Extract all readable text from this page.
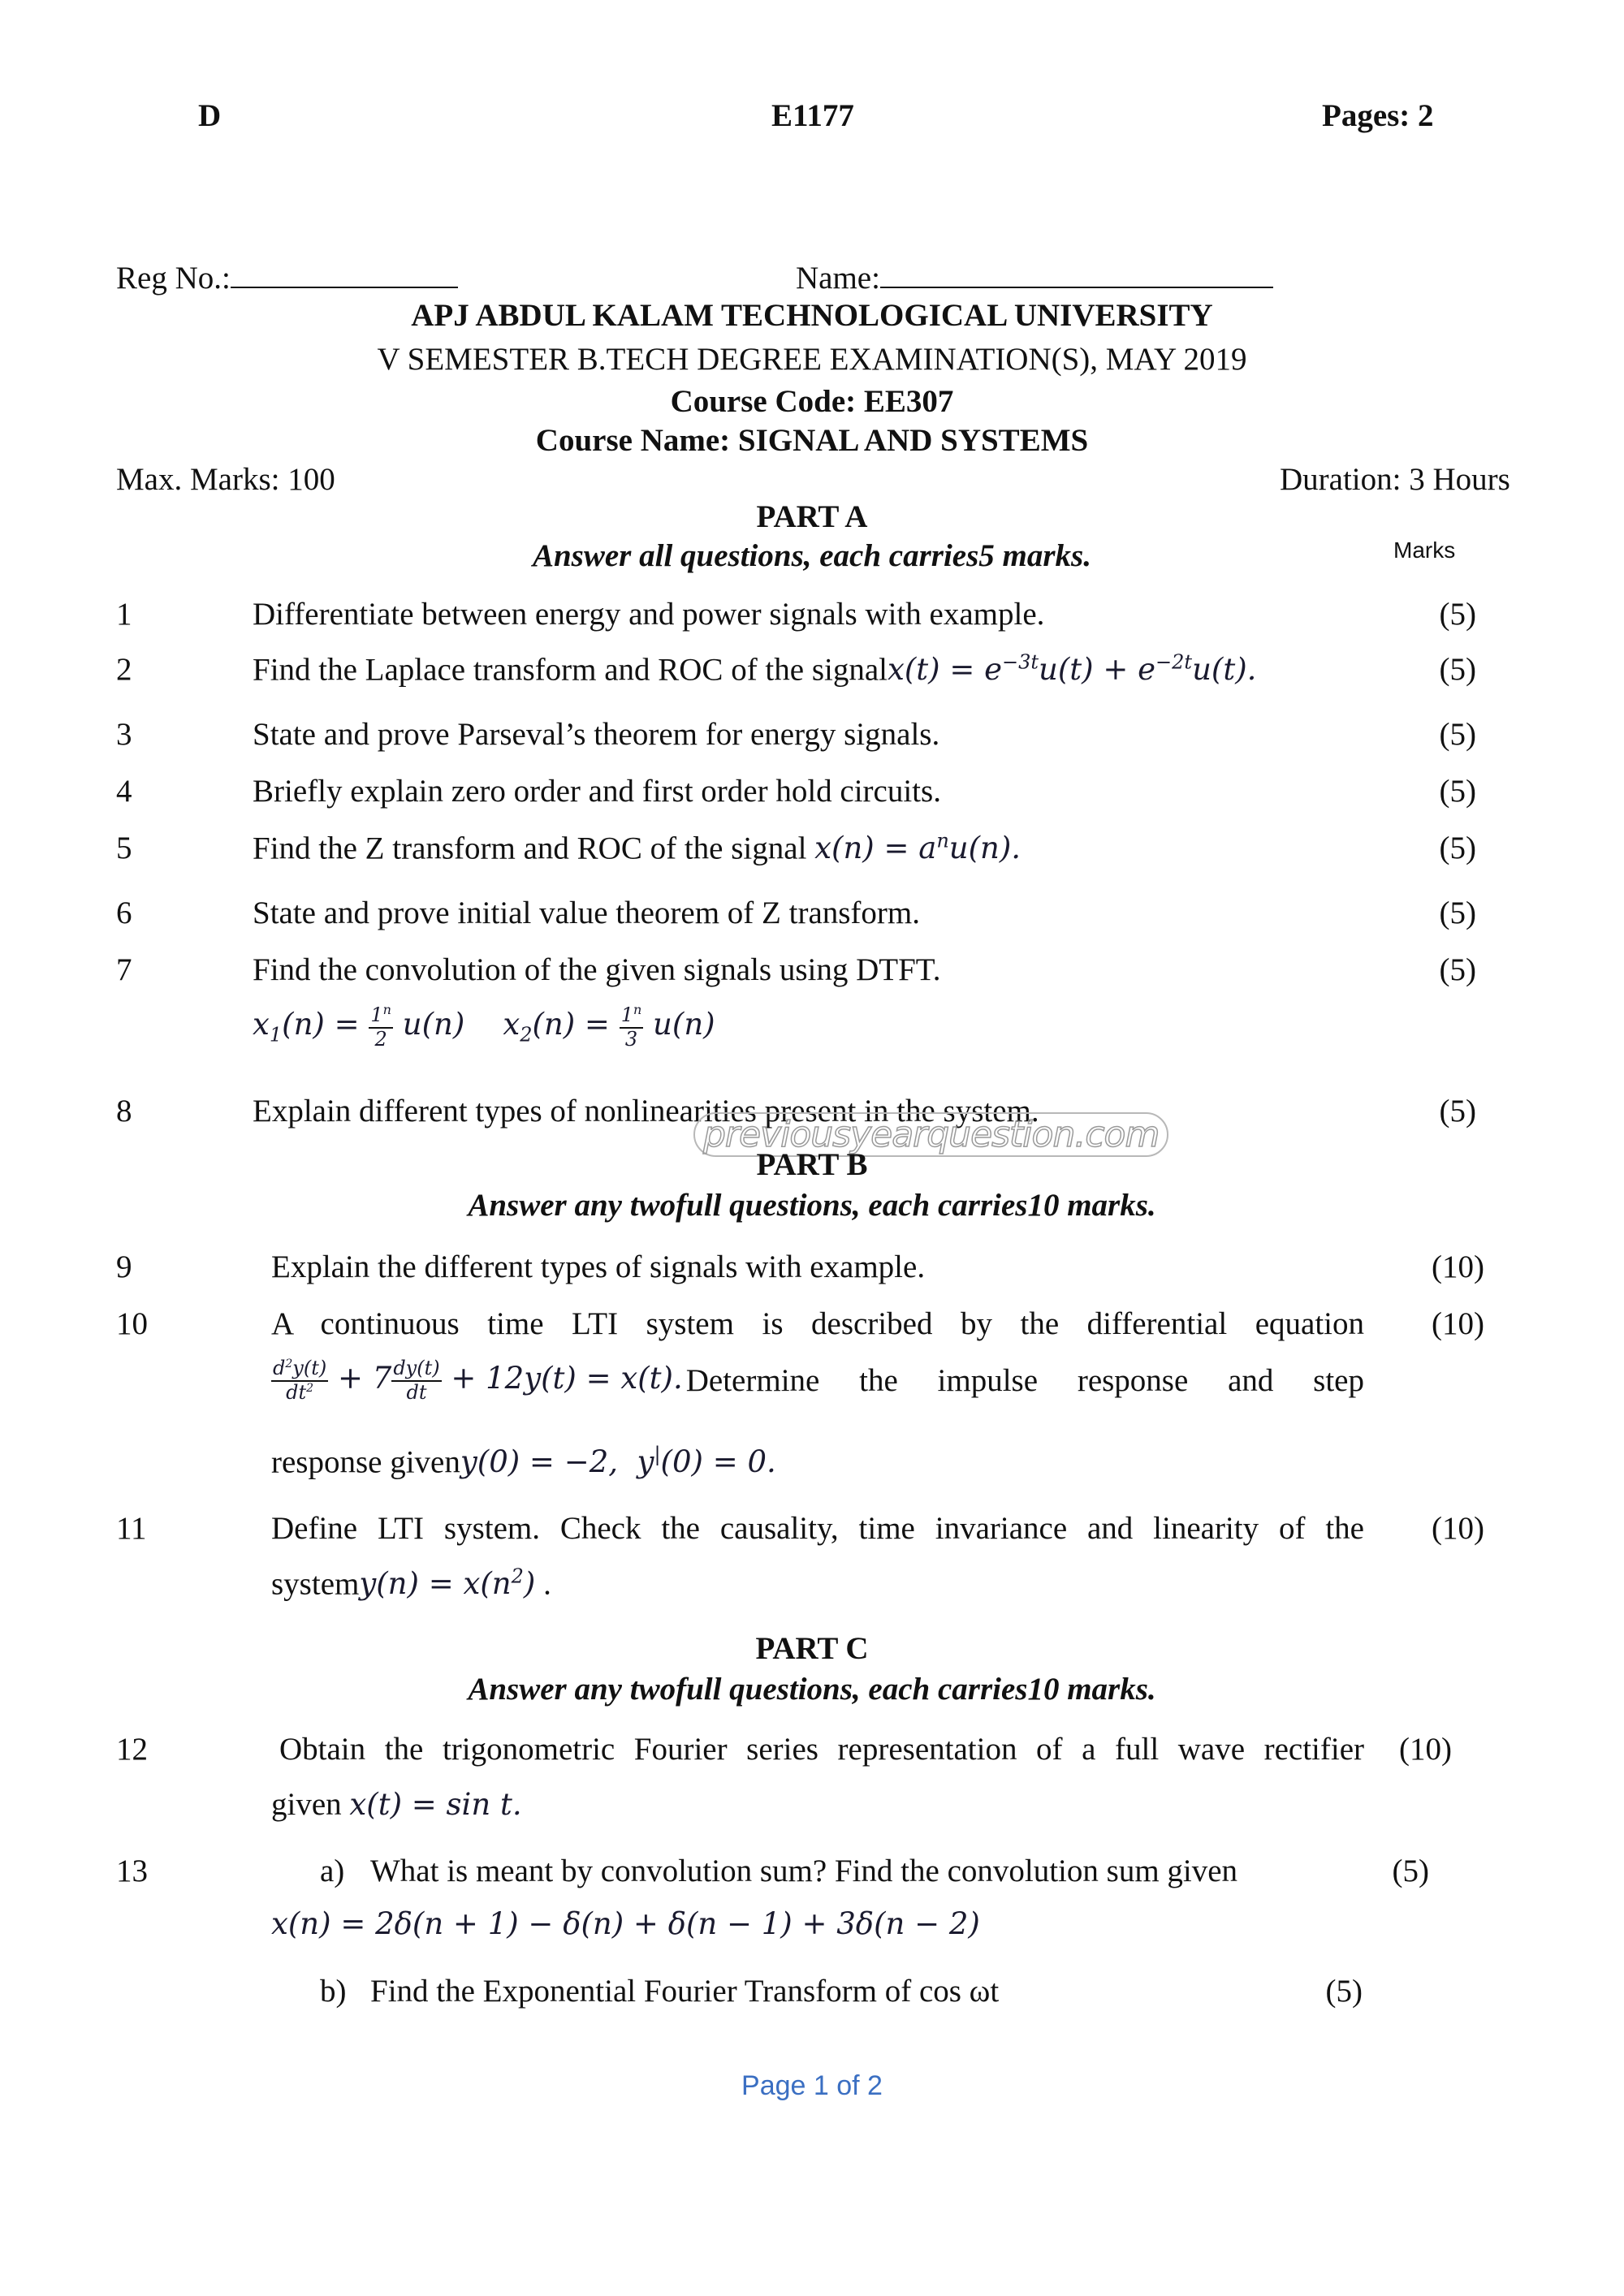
D	E1177	Pages: 2
Reg No.:	Name:
APJ ABDUL KALAM TECHNOLOGICAL UNIVERSITY
V SEMESTER B.TECH DEGREE EXAMINATION(S), MAY 2019
Course Code: EE307
Course Name: SIGNAL AND SYSTEMS
Max. Marks: 100	Duration: 3 Hours
PART A
Answer all questions, each carries5 marks.	Marks
1	Differentiate between energy and power signals with example.	(5)
2	Find the Laplace transform and ROC of the signalx(t) = $e^{-3t}u(t) + e^{-2t}u(t)$.	(5)
3	State and prove Parseval’s theorem for energy signals.	(5)
4	Briefly explain zero order and first order hold circuits.	(5)
5	Find the Z transform and ROC of the signal $x(n) = a^nu(n)$.	(5)
6	State and prove initial value theorem of Z transform.	(5)
7	Find the convolution of the given signals using DTFT.	(5)
$x_1(n) = \frac{1^n}{2} u(n)$    $x_2(n) = \frac{1^n}{3} u(n)$
8	Explain different types of nonlinearities present in the system.	(5)
previousyearquestion.com
PART B
Answer any twofull questions, each carries10 marks.
9	Explain the different types of signals with example.	(10)
10	A continuous time LTI system is described by the differential equation	(10)
$\frac{d^2y(t)}{dt^2} + 7 \frac{dy(t)}{dt} + 12y(t) = x(t)$. Determine the impulse response and step
response giveny(0) = −2,  y|(0) = 0.
11	Define LTI system. Check the causality, time invariance and linearity of the	(10)
systemy(n) = $x(n^2)$ .
PART C
Answer any twofull questions, each carries10 marks.
12	Obtain the trigonometric Fourier series representation of a full wave rectifier	(10)
given x(t) = sin t.
13	a) What is meant by convolution sum? Find the convolution sum given	(5)
x(n) = 2δ(n + 1) − δ(n) + δ(n − 1) + 3δ(n − 2)
b) Find the Exponential Fourier Transform of cos ωt	(5)
Page 1 of 2
